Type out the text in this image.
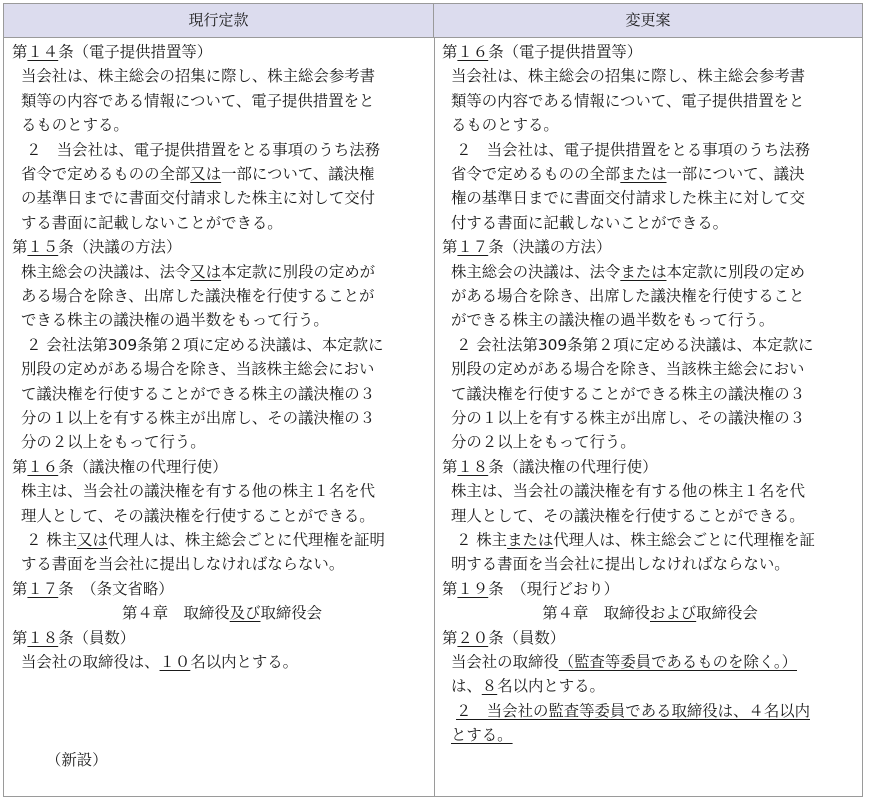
現行定款	変更案
第１４条（電子提供措置等）
当会社は、株主総会の招集に際し、株主総会参考書
類等の内容である情報について、電子提供措置をと
るものとする。
２　当会社は、電子提供措置をとる事項のうち法務
省令で定めるものの全部又は一部について、議決権
の基準日までに書面交付請求した株主に対して交付
する書面に記載しないことができる。
第１５条（決議の方法）
株主総会の決議は、法令又は本定款に別段の定めが
ある場合を除き、出席した議決権を行使することが
できる株主の議決権の過半数をもって行う。
２ 会社法第309条第２項に定める決議は、本定款に
別段の定めがある場合を除き、当該株主総会におい
て議決権を行使することができる株主の議決権の３
分の１以上を有する株主が出席し、その議決権の３
分の２以上をもって行う。
第１６条（議決権の代理行使）
株主は、当会社の議決権を有する他の株主１名を代
理人として、その議決権を行使することができる。
２ 株主又は代理人は、株主総会ごとに代理権を証明
する書面を当会社に提出しなければならない。
第１７条　（条文省略）
第４章　取締役及び取締役会
第１８条（員数）
当会社の取締役は、１０名以内とする。
（新設）
第１６条（電子提供措置等）
当会社は、株主総会の招集に際し、株主総会参考書
類等の内容である情報について、電子提供措置をと
るものとする。
２　当会社は、電子提供措置をとる事項のうち法務
省令で定めるものの全部または一部について、議決
権の基準日までに書面交付請求した株主に対して交
付する書面に記載しないことができる。
第１７条（決議の方法）
株主総会の決議は、法令または本定款に別段の定め
がある場合を除き、出席した議決権を行使すること
ができる株主の議決権の過半数をもって行う。
２ 会社法第309条第２項に定める決議は、本定款に
別段の定めがある場合を除き、当該株主総会におい
て議決権を行使することができる株主の議決権の３
分の１以上を有する株主が出席し、その議決権の３
分の２以上をもって行う。
第１８条（議決権の代理行使）
株主は、当会社の議決権を有する他の株主１名を代
理人として、その議決権を行使することができる。
２ 株主または代理人は、株主総会ごとに代理権を証
明する書面を当会社に提出しなければならない。
第１９条　（現行どおり）
第４章　取締役および取締役会
第２０条（員数）
当会社の取締役（監査等委員であるものを除く。）
は、８名以内とする。
２　当会社の監査等委員である取締役は、４名以内
とする。
